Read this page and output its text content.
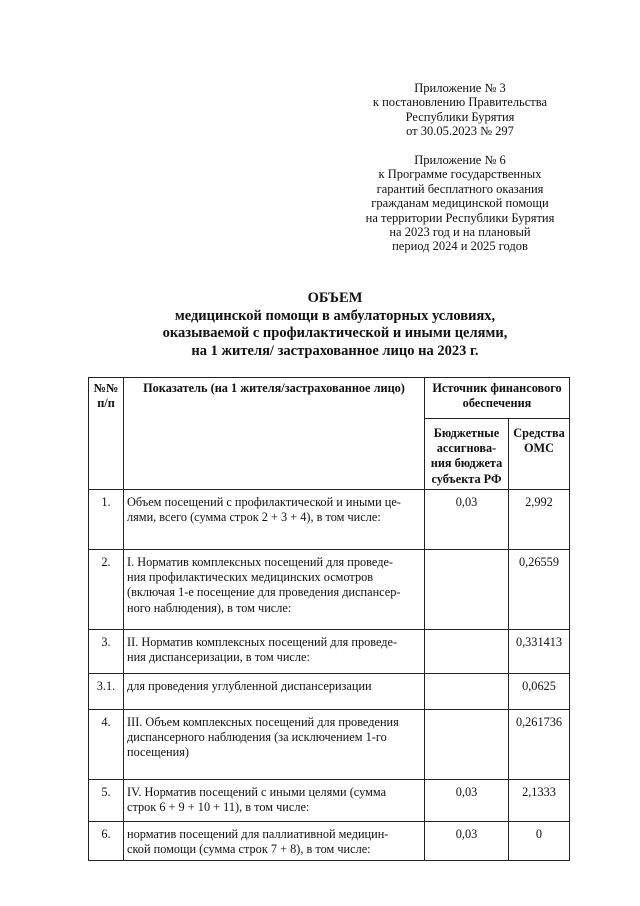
Приложение № 3
к постановлению Правительства
Республики Бурятия
от 30.05.2023 № 297
Приложение № 6
к Программе государственных
гарантий бесплатного оказания
гражданам медицинской помощи
на территории Республики Бурятия
на 2023 год и на плановый
период 2024 и 2025 годов
ОБЪЕМ
медицинской помощи в амбулаторных условиях,
оказываемой с профилактической и иными целями,
на 1 жителя/ застрахованное лицо на 2023 г.
№№
п/п	Показатель (на 1 жителя/застрахованное лицо)	Источник финансового
обеспечения	

		Бюджетные
ассигнова-
ния бюджета
субъекта РФ	Средства
ОМС

1.	Объем посещений с профилактической и иными це-
лями, всего (сумма строк 2 + 3 + 4), в том числе:	0,03	2,992
2.	I. Норматив комплексных посещений для проведе-
ния профилактических медицинских осмотров
(включая 1-е посещение для проведения диспансер-
ного наблюдения), в том числе:		0,26559
3.	II. Норматив комплексных посещений для проведе-
ния диспансеризации, в том числе:		0,331413
3.1.	для проведения углубленной диспансеризации		0,0625
4.	III. Объем комплексных посещений для проведения
диспансерного наблюдения (за исключением 1-го
посещения)		0,261736
5.	IV. Норматив посещений с иными целями (сумма
строк 6 + 9 + 10 + 11), в том числе:	0,03	2,1333
6.	норматив посещений для паллиативной медицин-
ской помощи (сумма строк 7 + 8), в том числе:	0,03	0
